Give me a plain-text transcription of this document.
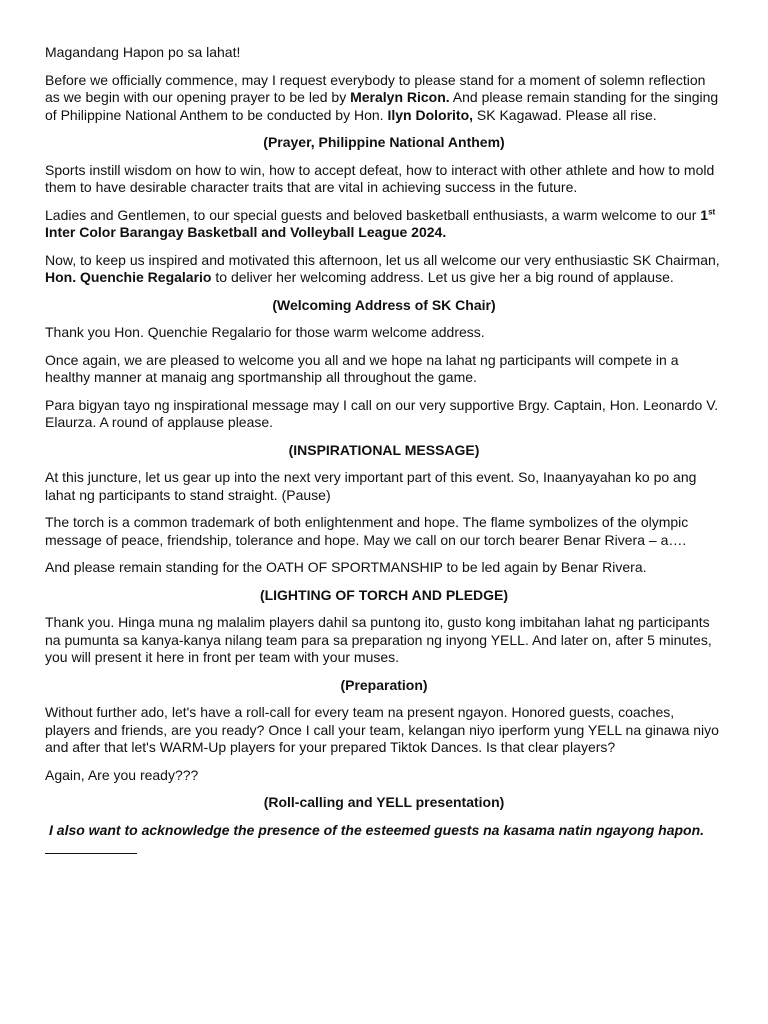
Magandang Hapon po sa lahat!

Before we officially commence, may I request everybody to please stand for a moment of solemn reflection as we begin with our opening prayer to be led by Meralyn Ricon. And please remain standing for the singing of Philippine National Anthem to be conducted by Hon. Ilyn Dolorito, SK Kagawad. Please all rise.

(Prayer, Philippine National Anthem)

Sports instill wisdom on how to win, how to accept defeat, how to interact with other athlete and how to mold them to have desirable character traits that are vital in achieving success in the future.

Ladies and Gentlemen, to our special guests and beloved basketball enthusiasts, a warm welcome to our 1st
Inter Color Barangay Basketball and Volleyball League 2024.

Now, to keep us inspired and motivated this afternoon, let us all welcome our very enthusiastic SK Chairman, Hon. Quenchie Regalario to deliver her welcoming address. Let us give her a big round of applause.

(Welcoming Address of SK Chair)

Thank you Hon. Quenchie Regalario for those warm welcome address.

Once again, we are pleased to welcome you all and we hope na lahat ng participants will compete in a healthy manner at manaig ang sportmanship all throughout the game.

Para bigyan tayo ng inspirational message may I call on our very supportive Brgy. Captain, Hon. Leonardo V. Elaurza. A round of applause please.

(INSPIRATIONAL MESSAGE)

At this juncture, let us gear up into the next very important part of this event. So, Inaanyayahan ko po ang lahat ng participants to stand straight. (Pause)

The torch is a common trademark of both enlightenment and hope. The flame symbolizes of the olympic message of peace, friendship, tolerance and hope. May we call on our torch bearer Benar Rivera – a….

And please remain standing for the OATH OF SPORTMANSHIP to be led again by Benar Rivera.

(LIGHTING OF TORCH AND PLEDGE)

Thank you. Hinga muna ng malalim players dahil sa puntong ito, gusto kong imbitahan lahat ng participants na pumunta sa kanya-kanya nilang team para sa preparation ng inyong YELL. And later on, after 5 minutes, you will present it here in front per team with your muses.

(Preparation)

Without further ado, let's have a roll-call for every team na present ngayon. Honored guests, coaches, players and friends, are you ready? Once I call your team, kelangan niyo iperform yung YELL na ginawa niyo and after that let's WARM-Up players for your prepared Tiktok Dances. Is that clear players?

Again, Are you ready???

(Roll-calling and YELL presentation)

I also want to acknowledge the presence of the esteemed guests na kasama natin ngayong hapon.
